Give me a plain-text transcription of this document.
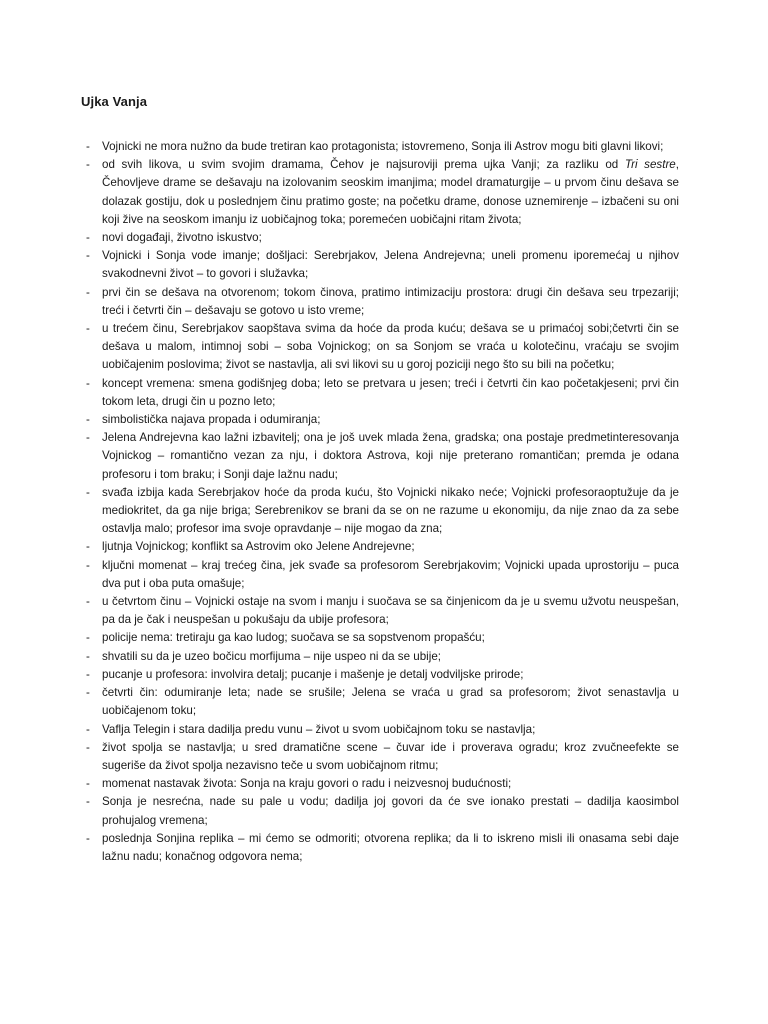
Ujka Vanja
- Vojnicki ne mora nužno da bude tretiran kao protagonista; istovremeno, Sonja ili Astrov mogu biti glavni likovi;
- od svih likova, u svim svojim dramama, Čehov je najsuroviji prema ujka Vanji; za razliku od Tri sestre, Čehovljeve drame se dešavaju na izolovanim seoskim imanjima; model dramaturgije – u prvom činu dešava se dolazak gostiju, dok u poslednjem činu pratimo goste; na početku drame, donose uznemirenje – izbačeni su oni koji žive na seoskom imanju iz uobičajnog toka; poremećen uobičajni ritam života;
- novi događaji, životno iskustvo;
- Vojnicki i Sonja vode imanje; došljaci: Serebrjakov, Jelena Andrejevna; uneli promenu iporemećaj u njihov svakodnevni život – to govori i služavka;
- prvi čin se dešava na otvorenom; tokom činova, pratimo intimizaciju prostora: drugi čin dešava seu trpezariji; treći i četvrti čin – dešavaju se gotovo u isto vreme;
- u trećem činu, Serebrjakov saopštava svima da hoće da proda kuću; dešava se u primaćoj sobi;četvrti čin se dešava u malom, intimnoj sobi – soba Vojnickog; on sa Sonjom se vraća u kolotečinu, vraćaju se svojim uobičajenim poslovima; život se nastavlja, ali svi likovi su u goroj poziciji nego što su bili na početku;
- koncept vremena: smena godišnjeg doba; leto se pretvara u jesen; treći i četvrti čin kao početakjeseni; prvi čin tokom leta, drugi čin u pozno leto;
- simbolistička najava propada i odumiranja;
- Jelena Andrejevna kao lažni izbavitelj; ona je još uvek mlada žena, gradska; ona postaje predmetinteresovanja Vojnickog – romantično vezan za nju, i doktora Astrova, koji nije preterano romantičan; premda je odana profesoru i tom braku; i Sonji daje lažnu nadu;
- svađa izbija kada Serebrjakov hoće da proda kuću, što Vojnicki nikako neće; Vojnicki profesoraoptužuje da je mediokritet, da ga nije briga; Serebrenikov se brani da se on ne razume u ekonomiju, da nije znao da za sebe ostavlja malo; profesor ima svoje opravdanje – nije mogao da zna;
- ljutnja Vojnickog; konflikt sa Astrovim oko Jelene Andrejevne;
- ključni momenat – kraj trećeg čina, jek svađe sa profesorom Serebrjakovim; Vojnicki upada uprostoriju – puca dva put i oba puta omašuje;
- u četvrtom činu – Vojnicki ostaje na svom i manju i suočava se sa činjenicom da je u svemu užvotu neuspešan, pa da je čak i neuspešan u pokušaju da ubije profesora;
- policije nema: tretiraju ga kao ludog; suočava se sa sopstvenom propašću;
- shvatili su da je uzeo bočicu morfijuma – nije uspeo ni da se ubije;
- pucanje u profesora: involvira detalj; pucanje i mašenje je detalj vodviljske prirode;
- četvrti čin: odumiranje leta; nade se srušile; Jelena se vraća u grad sa profesorom; život senastavlja u uobičajenom toku;
- Vaflja Telegin i stara dadilja predu vunu – život u svom uobičajnom toku se nastavlja;
- život spolja se nastavlja; u sred dramatične scene – čuvar ide i proverava ogradu; kroz zvučneefekte se sugeriše da život spolja nezavisno teče u svom uobičajnom ritmu;
- momenat nastavak života: Sonja na kraju govori o radu i neizvesnoj budućnosti;
- Sonja je nesrećna, nade su pale u vodu; dadilja joj govori da će sve ionako prestati – dadilja kaosimbol prohujalog vremena;
- poslednja Sonjina replika – mi ćemo se odmoriti; otvorena replika; da li to iskreno misli ili onasama sebi daje lažnu nadu; konačnog odgovora nema;
